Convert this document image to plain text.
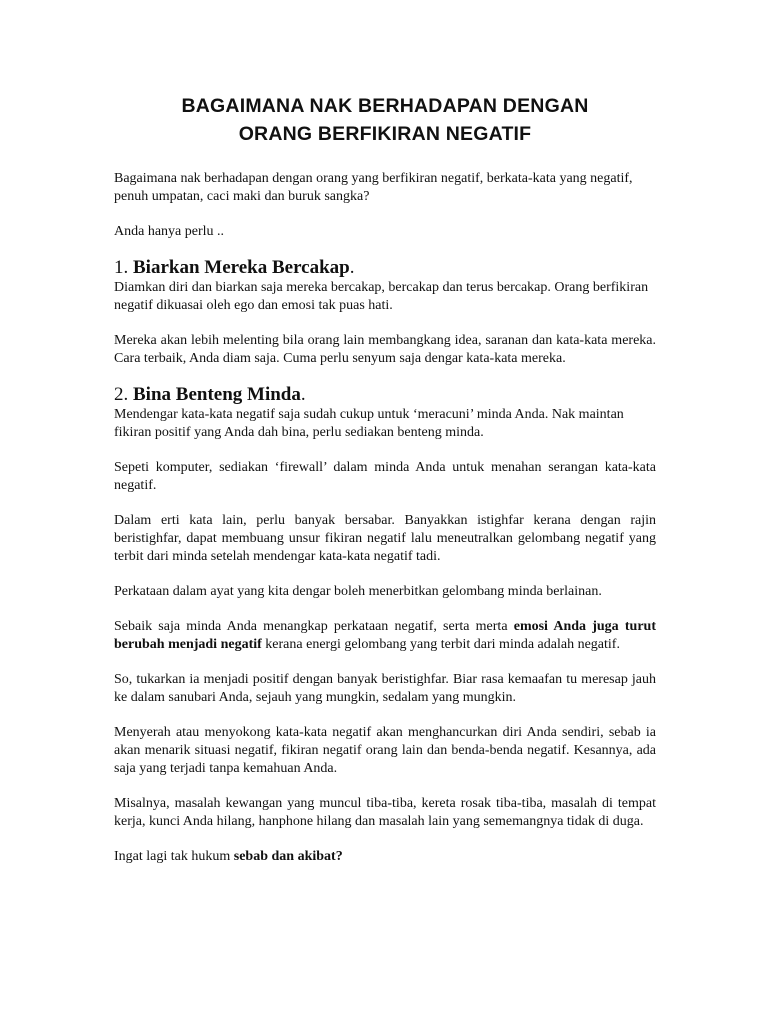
BAGAIMANA NAK BERHADAPAN DENGAN
ORANG BERFIKIRAN NEGATIF

Bagaimana nak berhadapan dengan orang yang berfikiran negatif, berkata-kata yang negatif, penuh umpatan, caci maki dan buruk sangka?

Anda hanya perlu ..

1. Biarkan Mereka Bercakap.

Diamkan diri dan biarkan saja mereka bercakap, bercakap dan terus bercakap. Orang berfikiran negatif dikuasai oleh ego dan emosi tak puas hati.

Mereka akan lebih melenting bila orang lain membangkang idea, saranan dan kata-kata mereka. Cara terbaik, Anda diam saja. Cuma perlu senyum saja dengar kata-kata mereka.

2. Bina Benteng Minda.

Mendengar kata-kata negatif saja sudah cukup untuk ‘meracuni’ minda Anda. Nak maintan fikiran positif yang Anda dah bina, perlu sediakan benteng minda.

Sepeti komputer, sediakan ‘firewall’ dalam minda Anda untuk menahan serangan kata-kata negatif.

Dalam erti kata lain, perlu banyak bersabar. Banyakkan istighfar kerana dengan rajin beristighfar, dapat membuang unsur fikiran negatif lalu meneutralkan gelombang negatif yang terbit dari minda setelah mendengar kata-kata negatif tadi.

Perkataan dalam ayat yang kita dengar boleh menerbitkan gelombang minda berlainan.

Sebaik saja minda Anda menangkap perkataan negatif, serta merta emosi Anda juga turut berubah menjadi negatif kerana energi gelombang yang terbit dari minda adalah negatif.

So, tukarkan ia menjadi positif dengan banyak beristighfar. Biar rasa kemaafan tu meresap jauh ke dalam sanubari Anda, sejauh yang mungkin, sedalam yang mungkin.

Menyerah atau menyokong kata-kata negatif akan menghancurkan diri Anda sendiri, sebab ia akan menarik situasi negatif, fikiran negatif orang lain dan benda-benda negatif. Kesannya, ada saja yang terjadi tanpa kemahuan Anda.

Misalnya, masalah kewangan yang muncul tiba-tiba, kereta rosak tiba-tiba, masalah di tempat kerja, kunci Anda hilang, hanphone hilang dan masalah lain yang sememangnya tidak di duga.

Ingat lagi tak hukum sebab dan akibat?
